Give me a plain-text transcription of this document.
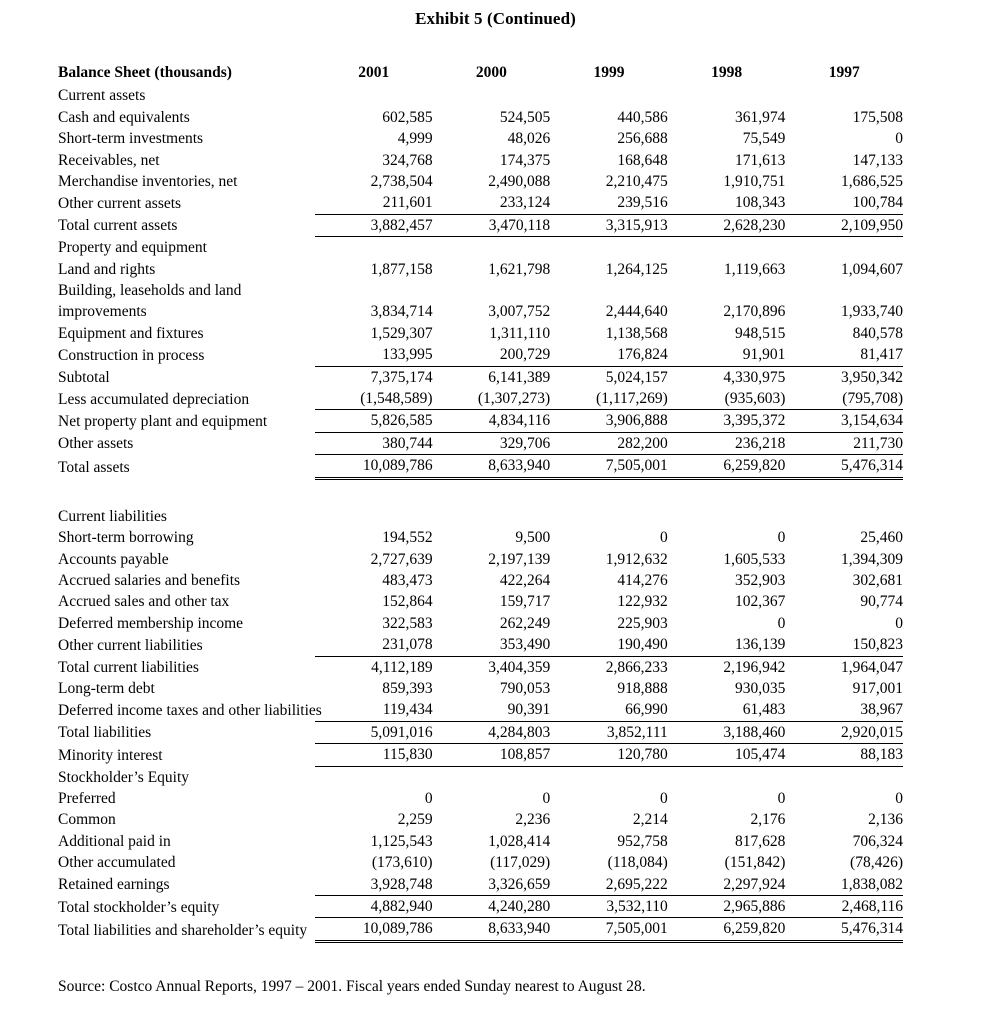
Exhibit 5 (Continued)
Balance Sheet (thousands)	2001	2000	1999	1998	1997
Current assets					
Cash and equivalents	602,585	524,505	440,586	361,974	175,508
Short-term investments	4,999	48,026	256,688	75,549	0
Receivables, net	324,768	174,375	168,648	171,613	147,133
Merchandise inventories, net	2,738,504	2,490,088	2,210,475	1,910,751	1,686,525
Other current assets	211,601	233,124	239,516	108,343	100,784
Total current assets	3,882,457	3,470,118	3,315,913	2,628,230	2,109,950
Property and equipment					
Land and rights	1,877,158	1,621,798	1,264,125	1,119,663	1,094,607
Building, leaseholds and land					
improvements	3,834,714	3,007,752	2,444,640	2,170,896	1,933,740
Equipment and fixtures	1,529,307	1,311,110	1,138,568	948,515	840,578
Construction in process	133,995	200,729	176,824	91,901	81,417
Subtotal	7,375,174	6,141,389	5,024,157	4,330,975	3,950,342
Less accumulated depreciation	(1,548,589)	(1,307,273)	(1,117,269)	(935,603)	(795,708)
Net property plant and equipment	5,826,585	4,834,116	3,906,888	3,395,372	3,154,634
Other assets	380,744	329,706	282,200	236,218	211,730
Total assets	10,089,786	8,633,940	7,505,001	6,259,820	5,476,314

Current liabilities					
Short-term borrowing	194,552	9,500	0	0	25,460
Accounts payable	2,727,639	2,197,139	1,912,632	1,605,533	1,394,309
Accrued salaries and benefits	483,473	422,264	414,276	352,903	302,681
Accrued sales and other tax	152,864	159,717	122,932	102,367	90,774
Deferred membership income	322,583	262,249	225,903	0	0
Other current liabilities	231,078	353,490	190,490	136,139	150,823
Total current liabilities	4,112,189	3,404,359	2,866,233	2,196,942	1,964,047
Long-term debt	859,393	790,053	918,888	930,035	917,001
Deferred income taxes and other liabilities	119,434	90,391	66,990	61,483	38,967
Total liabilities	5,091,016	4,284,803	3,852,111	3,188,460	2,920,015
Minority interest	115,830	108,857	120,780	105,474	88,183
Stockholder’s Equity					
Preferred	0	0	0	0	0
Common	2,259	2,236	2,214	2,176	2,136
Additional paid in	1,125,543	1,028,414	952,758	817,628	706,324
Other accumulated	(173,610)	(117,029)	(118,084)	(151,842)	(78,426)
Retained earnings	3,928,748	3,326,659	2,695,222	2,297,924	1,838,082
Total stockholder’s equity	4,882,940	4,240,280	3,532,110	2,965,886	2,468,116
Total liabilities and shareholder’s equity	10,089,786	8,633,940	7,505,001	6,259,820	5,476,314
Source: Costco Annual Reports, 1997 – 2001. Fiscal years ended Sunday nearest to August 28.
